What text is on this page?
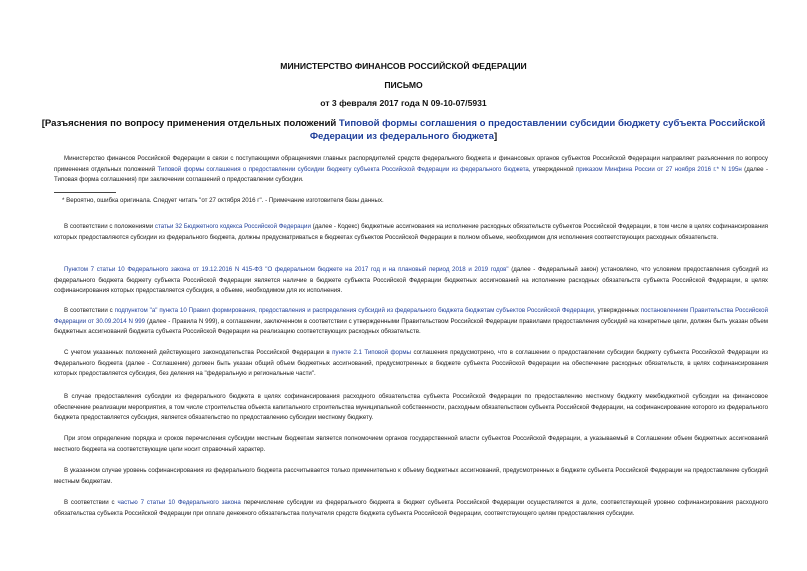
МИНИСТЕРСТВО ФИНАНСОВ РОССИЙСКОЙ ФЕДЕРАЦИИ
ПИСЬМО
от 3 февраля 2017 года N 09-10-07/5931
[Разъяснения по вопросу применения отдельных положений Типовой формы соглашения о предоставлении субсидии бюджету субъекта Российской Федерации из федерального бюджета]
Министерство финансов Российской Федерации в связи с поступающими обращениями главных распорядителей средств федерального бюджета и финансовых органов субъектов Российской Федерации направляет разъяснения по вопросу применения отдельных положений Типовой формы соглашения о предоставлении субсидии бюджету субъекта Российской Федерации из федерального бюджета, утвержденной приказом Минфина России от 27 ноября 2016 г.* N 195н (далее - Типовая форма соглашения) при заключении соглашений о предоставлении субсидии.
* Вероятно, ошибка оригинала. Следует читать "от 27 октября 2016 г". - Примечание изготовителя базы данных.
В соответствии с положениями статьи 32 Бюджетного кодекса Российской Федерации (далее - Кодекс) бюджетные ассигнования на исполнение расходных обязательств субъектов Российской Федерации, в том числе в целях софинансирования которых предоставляются субсидии из федерального бюджета, должны предусматриваться в бюджетах субъектов Российской Федерации в полном объеме, необходимом для исполнения соответствующих расходных обязательств.
Пунктом 7 статьи 10 Федерального закона от 19.12.2016 N 415-ФЗ "О федеральном бюджете на 2017 год и на плановый период 2018 и 2019 годов" (далее - Федеральный закон) установлено, что условием предоставления субсидий из федерального бюджета бюджету субъекта Российской Федерации является наличие в бюджете субъекта Российской Федерации бюджетных ассигнований на исполнение расходных обязательств субъекта Российской Федерации, в целях софинансирования которых предоставляется субсидия, в объеме, необходимом для их исполнения.
В соответствии с подпунктом "а" пункта 10 Правил формирования, предоставления и распределения субсидий из федерального бюджета бюджетам субъектов Российской Федерации, утвержденных постановлением Правительства Российской Федерации от 30.09.2014 N 999 (далее - Правила N 999), в соглашении, заключенном в соответствии с утвержденными Правительством Российской Федерации правилами предоставления субсидий на конкретные цели, должен быть указан объем бюджетных ассигнований бюджета субъекта Российской Федерации на реализацию соответствующих расходных обязательств.
С учетом указанных положений действующего законодательства Российской Федерации в пункте 2.1 Типовой формы соглашения предусмотрено, что в соглашении о предоставлении субсидии бюджету субъекта Российской Федерации из Федерального бюджета (далее - Соглашение) должен быть указан общий объем бюджетных ассигнований, предусмотренных в бюджете субъекта Российской Федерации на обеспечение расходных обязательств, в целях софинансирования которых предоставляется субсидия, без деления на "федеральную и региональные части".
В случае предоставления субсидии из федерального бюджета в целях софинансирования расходного обязательства субъекта Российской Федерации по предоставлению местному бюджету межбюджетной субсидии на финансовое обеспечение реализации мероприятия, в том числе строительства объекта капитального строительства муниципальной собственности, расходным обязательством субъекта Российской Федерации, на софинансирование которого из федерального бюджета предоставляется субсидия, является обязательство по предоставлению субсидии местному бюджету.
При этом определение порядка и сроков перечисления субсидии местным бюджетам является полномочием органов государственной власти субъектов Российской Федерации, а указываемый в Соглашении объем бюджетных ассигнований местного бюджета на соответствующие цели носит справочный характер.
В указанном случае уровень софинансирования из федерального бюджета рассчитывается только применительно к объему бюджетных ассигнований, предусмотренных в бюджете субъекта Российской Федерации на предоставление субсидий местным бюджетам.
В соответствии с частью 7 статьи 10 Федерального закона перечисление субсидии из федерального бюджета в бюджет субъекта Российской Федерации осуществляется в доле, соответствующей уровню софинансирования расходного обязательства субъекта Российской Федерации при оплате денежного обязательства получателя средств бюджета субъекта Российской Федерации, соответствующего целям предоставления субсидии.
